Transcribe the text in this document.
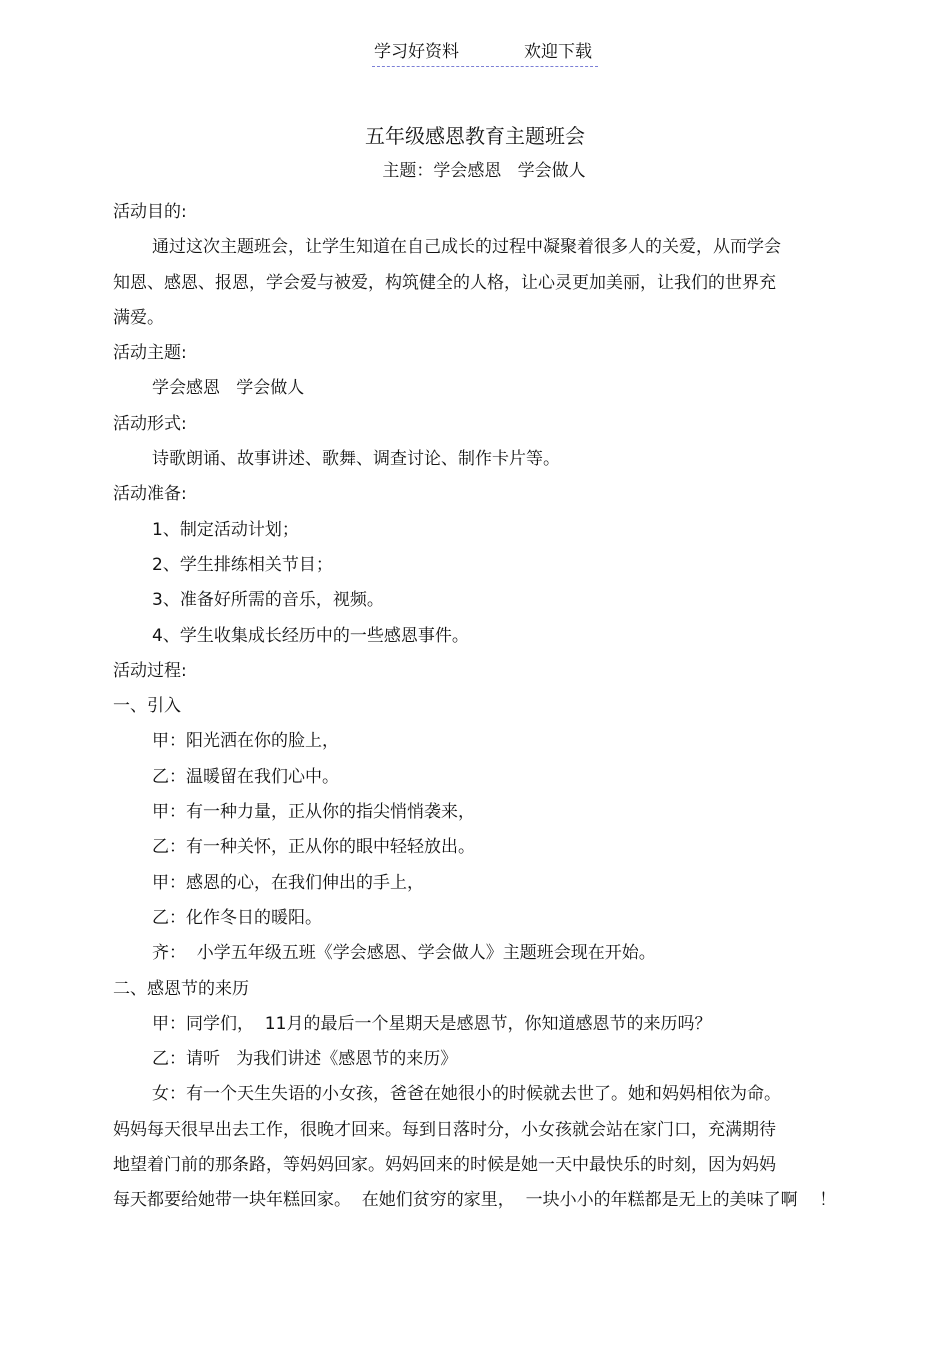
学习好资料	欢迎下载
五年级感恩教育主题班会
主题：学会感恩   学会做人
活动目的:
通过这次主题班会，让学生知道在自己成长的过程中凝聚着很多人的关爱，从而学会
知恩、感恩、报恩，学会爱与被爱，构筑健全的人格，让心灵更加美丽，让我们的世界充
满爱。
活动主题:
学会感恩   学会做人
活动形式:
诗歌朗诵、故事讲述、歌舞、调查讨论、制作卡片等。
活动准备:
1、制定活动计划；
2、学生排练相关节目；
3、准备好所需的音乐，视频。
4、学生收集成长经历中的一些感恩事件。
活动过程:
一、引入
甲：阳光洒在你的脸上，
乙：温暖留在我们心中。
甲：有一种力量，正从你的指尖悄悄袭来，
乙：有一种关怀，正从你的眼中轻轻放出。
甲：感恩的心，在我们伸出的手上，
乙：化作冬日的暖阳。
齐：  小学五年级五班《学会感恩、学会做人》主题班会现在开始。
二、感恩节的来历
甲：同学们，  11月的最后一个星期天是感恩节，你知道感恩节的来历吗？
乙：请听   为我们讲述《感恩节的来历》
女：有一个天生失语的小女孩，爸爸在她很小的时候就去世了。她和妈妈相依为命。
妈妈每天很早出去工作，很晚才回来。每到日落时分，小女孩就会站在家门口，充满期待
地望着门前的那条路，等妈妈回家。妈妈回来的时候是她一天中最快乐的时刻，因为妈妈
每天都要给她带一块年糕回家。  在她们贫穷的家里，  一块小小的年糕都是无上的美味了啊    ！
